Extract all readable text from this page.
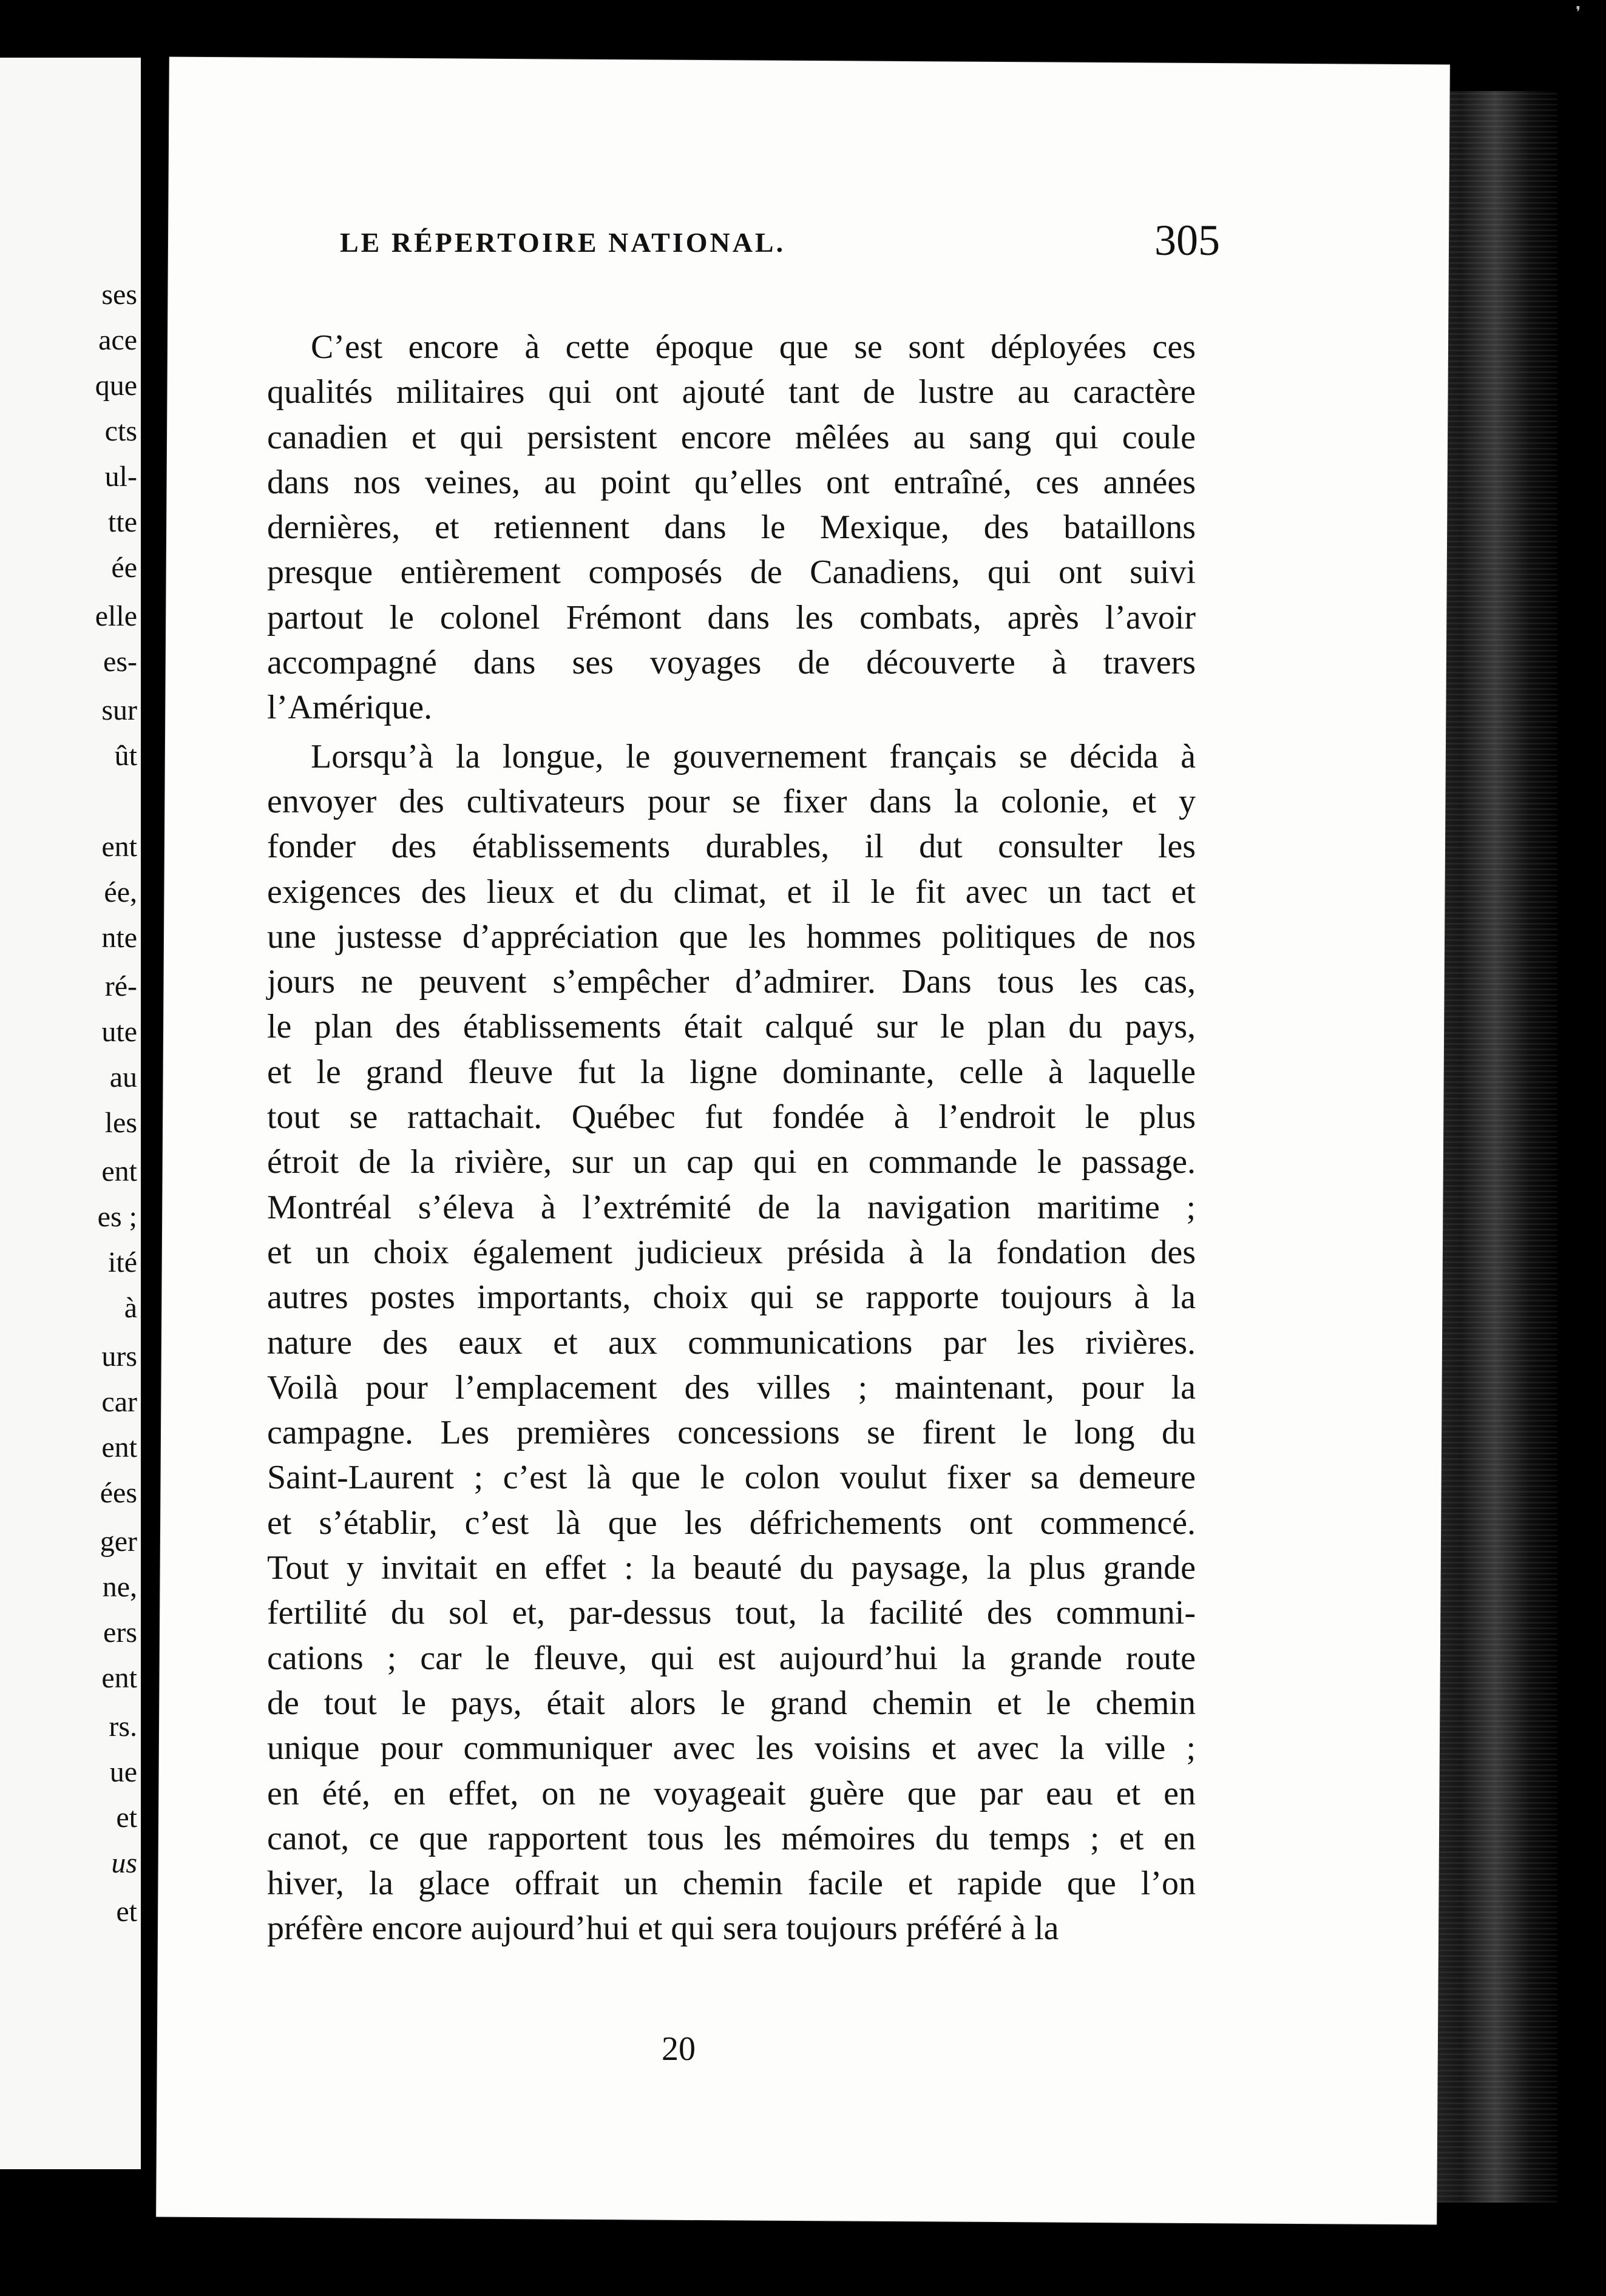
ses
ace
que
cts
ul-
tte
ée
elle
es-
sur
ût
ent
ée,
nte
ré-
ute
au
les
ent
es ;
ité
à
urs
car
ent
ées
ger
ne,
ers
ent
rs.
ue
et
us
et
LE RÉPERTOIRE NATIONAL.	305
C’est encore à cette époque que se sont déployées ces
qualités militaires qui ont ajouté tant de lustre au caractère
canadien et qui persistent encore mêlées au sang qui coule
dans nos veines, au point qu’elles ont entraîné, ces années
dernières, et retiennent dans le Mexique, des bataillons
presque entièrement composés de Canadiens, qui ont suivi
partout le colonel Frémont dans les combats, après l’avoir
accompagné dans ses voyages de découverte à travers
l’Amérique.
Lorsqu’à la longue, le gouvernement français se décida à
envoyer des cultivateurs pour se fixer dans la colonie, et y
fonder des établissements durables, il dut consulter les
exigences des lieux et du climat, et il le fit avec un tact et
une justesse d’appréciation que les hommes politiques de nos
jours ne peuvent s’empêcher d’admirer. Dans tous les cas,
le plan des établissements était calqué sur le plan du pays,
et le grand fleuve fut la ligne dominante, celle à laquelle
tout se rattachait. Québec fut fondée à l’endroit le plus
étroit de la rivière, sur un cap qui en commande le passage.
Montréal s’éleva à l’extrémité de la navigation maritime ;
et un choix également judicieux présida à la fondation des
autres postes importants, choix qui se rapporte toujours à la
nature des eaux et aux communications par les rivières.
Voilà pour l’emplacement des villes ; maintenant, pour la
campagne. Les premières concessions se firent le long du
Saint-Laurent ; c’est là que le colon voulut fixer sa demeure
et s’établir, c’est là que les défrichements ont commencé.
Tout y invitait en effet : la beauté du paysage, la plus grande
fertilité du sol et, par-dessus tout, la facilité des communi-
cations ; car le fleuve, qui est aujourd’hui la grande route
de tout le pays, était alors le grand chemin et le chemin
unique pour communiquer avec les voisins et avec la ville ;
en été, en effet, on ne voyageait guère que par eau et en
canot, ce que rapportent tous les mémoires du temps ; et en
hiver, la glace offrait un chemin facile et rapide que l’on
préfère encore aujourd’hui et qui sera toujours préféré à la
20
❜
